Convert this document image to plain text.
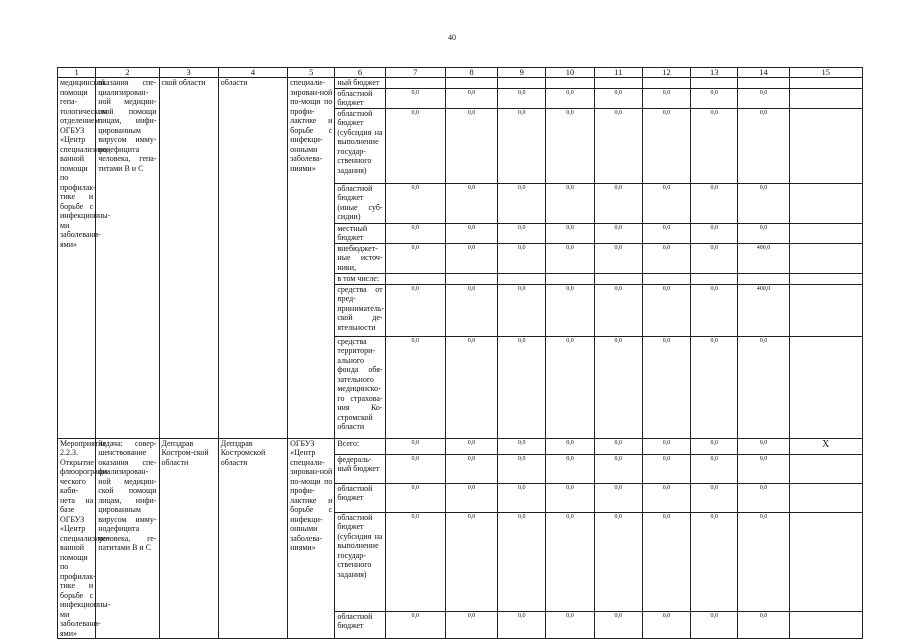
40
1	2	3	4	5	6	7	8	9	10	11	12	13	14	15
медицинской помощи гепа-тологическим отделением ОГБУЗ «Центр специализиро-ванной помощи по профилак-тике и борьбе с инфекционны-ми заболевани-ями»	оказания спе-циализирован-ной медицин-ской помощи лицам, инфи-цированным вирусом имму-нодефицита человека, гепа-титами В и С	ской области	области	специали-зирован-ной по-мощи по профи-лактике и борьбе с инфекци-онными заболева-ниями»	ный бюджет									
					областной бюджет	0,0	0,0	0,0	0,0	0,0	0,0	0,0	0,0	
					областной бюджет (субсидия на выполнение государ-ственного задания)	0,0	0,0	0,0	0,0	0,0	0,0	0,0	0,0	
					областной бюджет (иные суб-сидии)	0,0	0,0	0,0	0,0	0,0	0,0	0,0	0,0	
					местный бюджет	0,0	0,0	0,0	0,0	0,0	0,0	0,0	0,0	
					внебюджет-ные источ-ники,	0,0	0,0	0,0	0,0	0,0	0,0	0,0	400,0	
					в том числе:									
					средства от пред-приниматель-ской де-ятельности	0,0	0,0	0,0	0,0	0,0	0,0	0,0	400,0	
					средства территори-ального фонда обя-зательного медицинско-го страхова-ния Ко-стромской области	0,0	0,0	0,0	0,0	0,0	0,0	0,0	0,0	
Мероприятие 2.2.3. Открытие флюорографи-ческого каби-нета на базе ОГБУЗ «Центр специализиро-ванной помощи по профилак-тике и борьбе с инфекционны-ми заболевани-ями»	Задача: совер-шенствование оказания спе-циализирован-ной медицин-ской помощи лицам, инфи-цированным вирусом имму-нодефицита человека, ге-патитами В и С	Депздрав Костром-ской области	Депздрав Костромской области	ОГБУЗ «Центр специали-зирован-ной по-мощи по профи-лактике и борьбе с инфекци-онными заболева-ниями»	Всего:	0,0	0,0	0,0	0,0	0,0	0,0	0,0	0,0	X
					федераль-ный бюджет	0,0	0,0	0,0	0,0	0,0	0,0	0,0	0,0	
					областной бюджет	0,0	0,0	0,0	0,0	0,0	0,0	0,0	0,0	
					областной бюджет (субсидия на выполнение государ-ственного задания)	0,0	0,0	0,0	0,0	0,0	0,0	0,0	0,0	
					областной бюджет	0,0	0,0	0,0	0,0	0,0	0,0	0,0	0,0	
